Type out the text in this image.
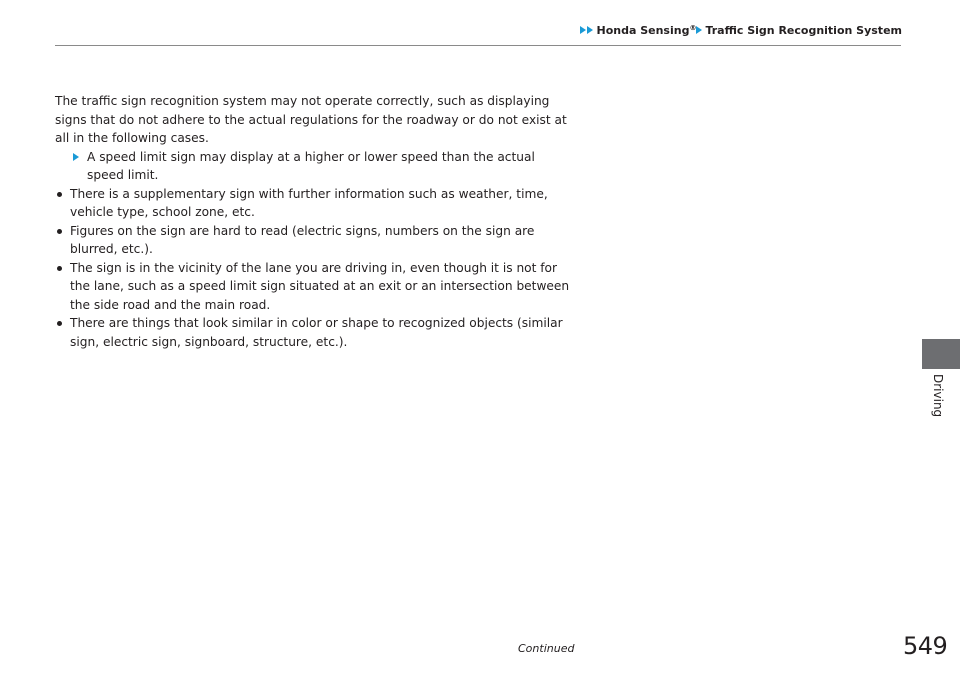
Honda Sensing® Traffic Sign Recognition System

The traffic sign recognition system may not operate correctly, such as displaying signs that do not adhere to the actual regulations for the roadway or do not exist at all in the following cases.

A speed limit sign may display at a higher or lower speed than the actual speed limit.

There is a supplementary sign with further information such as weather, time, vehicle type, school zone, etc.
Figures on the sign are hard to read (electric signs, numbers on the sign are blurred, etc.).
The sign is in the vicinity of the lane you are driving in, even though it is not for the lane, such as a speed limit sign situated at an exit or an intersection between the side road and the main road.
There are things that look similar in color or shape to recognized objects (similar sign, electric sign, signboard, structure, etc.).
Driving
Continued	549
